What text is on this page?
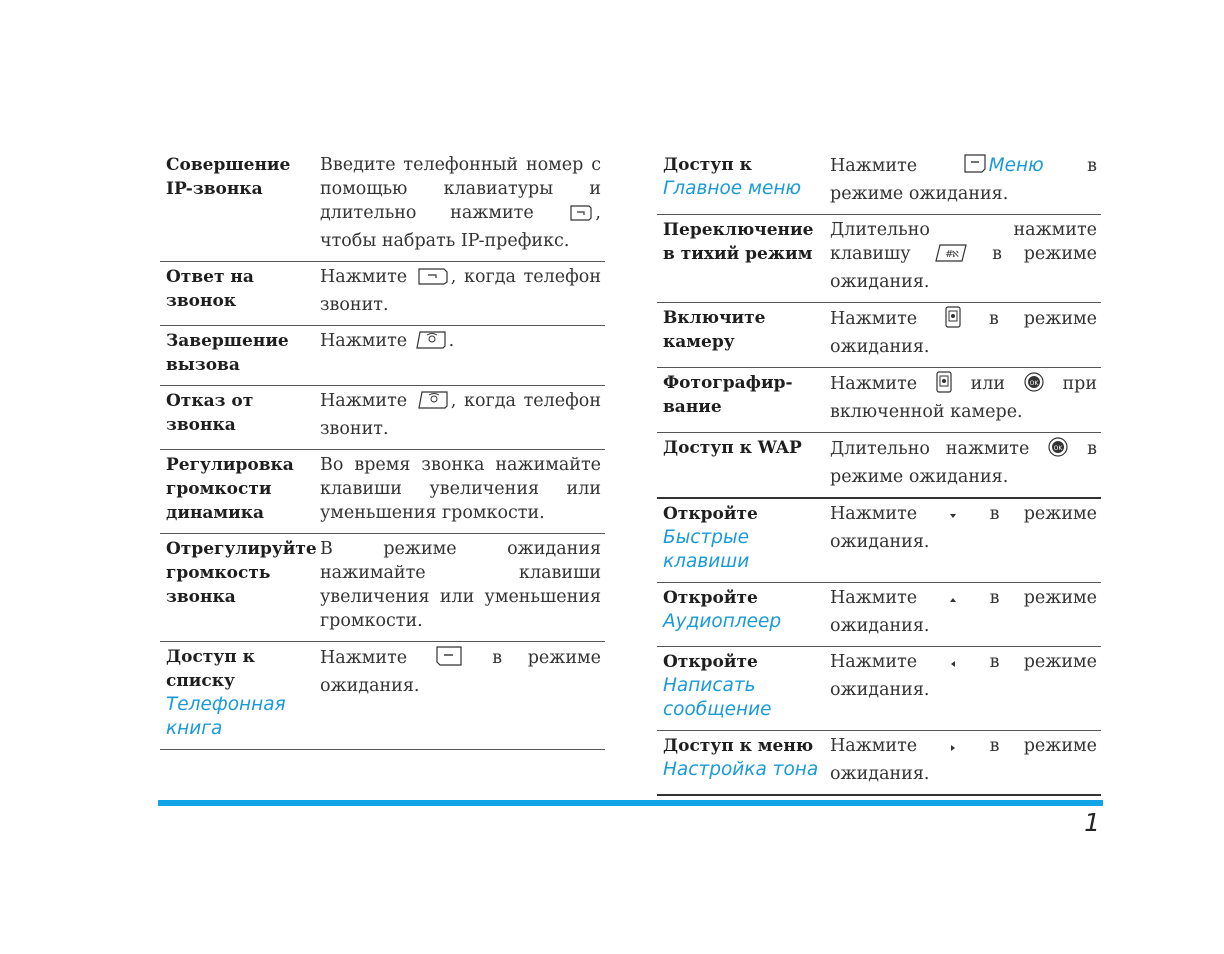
Совершение IP-звонка
Введите телефонный номер с помощью клавиатуры и длительно нажмите , чтобы набрать IP-префикс.
Ответ на звонок
Нажмите , когда телефон звонит.
Завершение вызова
Нажмите .
Отказ от звонка
Нажмите , когда телефон звонит.
Регулировка громкости динамика
Во время звонка нажимайте клавиши увеличения или уменьшения громкости.
Отрегулируйте громкость звонка
В режиме ожидания нажимайте клавиши увеличения или уменьшения громкости.
Доступ к списку
Телефонная книга
Нажмите  в режиме ожидания.
Доступ к
Главное меню
Нажмите Меню в режиме ожидания.
Переключение в тихий режим
Длительно нажмите клавишу #
ℵ в режиме ожидания.
Включите камеру
Нажмите  в режиме ожидания.
Фотографир-вание
Нажмите  или OK при включенной камере.
Доступ к WAP	Длительно нажмите OK в режиме ожидания.
Откройте
Быстрые клавиши
Нажмите  в режиме ожидания.
Откройте
Аудиоплеер
Нажмите  в режиме ожидания.
Откройте
Написать сообщение
Нажмите  в режиме ожидания.
Доступ к меню
Настройка тона
Нажмите  в режиме ожидания.
1
